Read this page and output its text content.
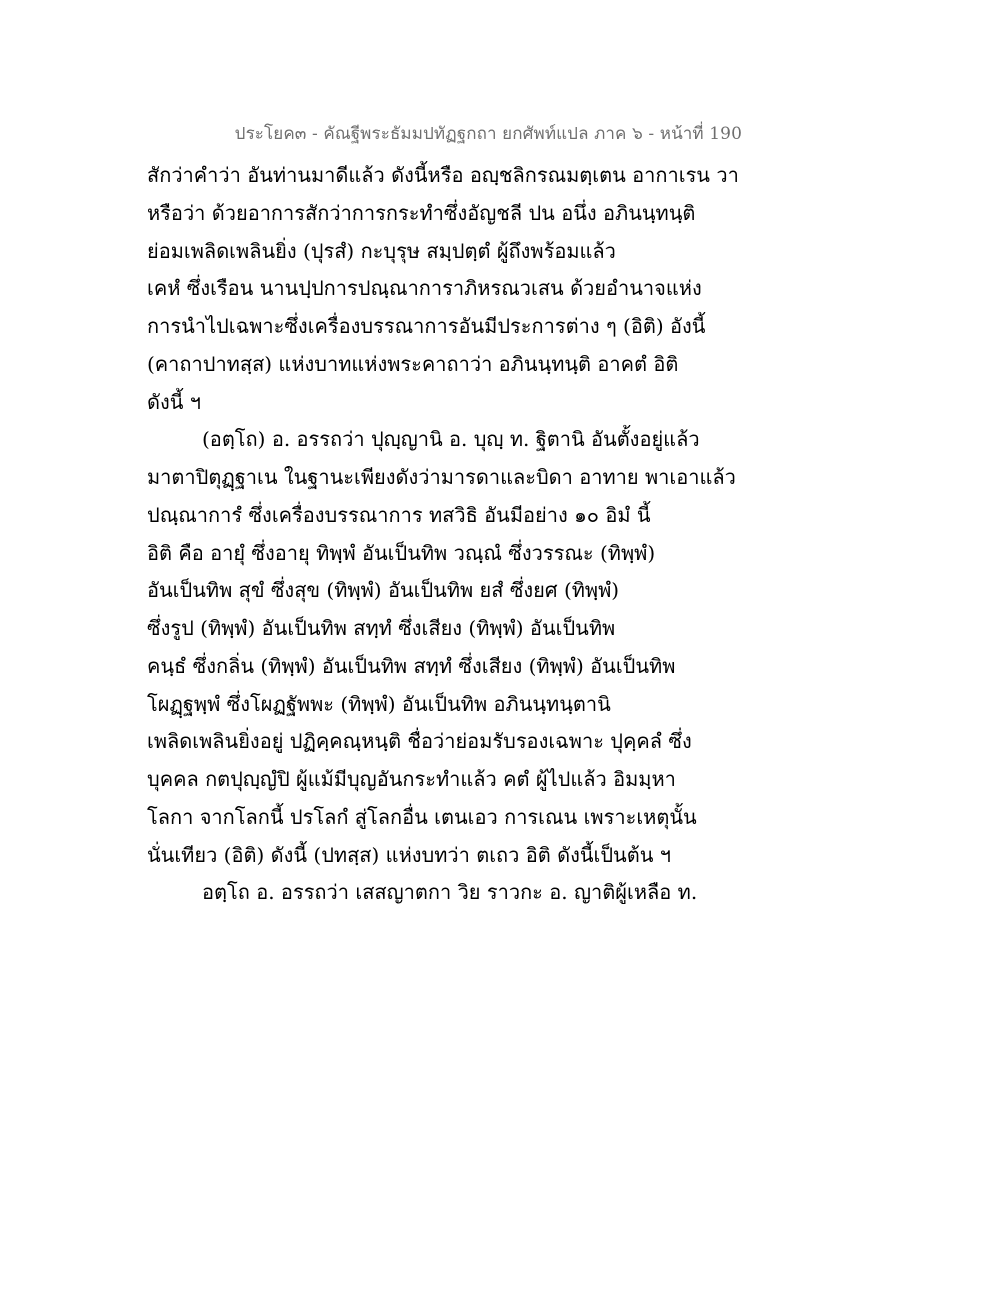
ประโยค๓ - คัณฐีพระธัมมปทัฏฐกถา ยกศัพท์แปล ภาค ๖ - หน้าที่ 190
สักว่าคำว่า อันท่านมาดีแล้ว ดังนี้หรือ อญฺชลิกรณมตฺเตน อากาเรน วา
หรือว่า ด้วยอาการสักว่าการกระทำซึ่งอัญชลี ปน อนึ่ง อภินนฺทนฺติ
ย่อมเพลิดเพลินยิ่ง (ปุรสํ) กะบุรุษ สมฺปตฺตํ ผู้ถึงพร้อมแล้ว
เคหํ ซึ่งเรือน นานปฺปการปณฺณาการาภิหรณวเสน ด้วยอำนาจแห่ง
การนำไปเฉพาะซึ่งเครื่องบรรณาการอันมีประการต่าง ๆ (อิติ) อังนี้
(คาถาปาทสฺส) แห่งบาทแห่งพระคาถาว่า อภินนฺทนฺติ อาคตํ อิติ
ดังนี้ ฯ
(อตฺโถ) อ. อรรถว่า ปุญฺญานิ อ. บุญฺ ท. ฐิตานิ อันตั้งอยู่แล้ว
มาตาปิตุฏฺฐาเน ในฐานะเพียงดังว่ามารดาและบิดา อาทาย พาเอาแล้ว
ปณฺณาการํ ซึ่งเครื่องบรรณาการ ทสวิธิ อันมีอย่าง ๑๐ อิมํ นี้
อิติ คือ อายุํ ซึ่งอายุ ทิพฺพํ อันเป็นทิพ วณฺณํ ซึ่งวรรณะ (ทิพฺพํ)
อันเป็นทิพ สุขํ ซึ่งสุข (ทิพฺพํ) อันเป็นทิพ ยสํ ซึ่งยศ (ทิพฺพํ)
ซึ่งรูป (ทิพฺพํ) อันเป็นทิพ สทฺทํ ซึ่งเสียง (ทิพฺพํ) อันเป็นทิพ
คนฺธํ ซึ่งกลิ่น (ทิพฺพํ) อันเป็นทิพ สทฺทํ ซึ่งเสียง (ทิพฺพํ) อันเป็นทิพ
โผฏฺฐพฺพํ ซึ่งโผฏฐัพพะ (ทิพฺพํ) อันเป็นทิพ อภินนฺทนฺตานิ
เพลิดเพลินยิ่งอยู่ ปฏิคฺคณฺหนฺติ ชื่อว่าย่อมรับรองเฉพาะ ปุคฺคลํ ซึ่ง
บุคคล กตปุญฺญํปิ ผู้แม้มีบุญอันกระทำแล้ว คตํ ผู้ไปแล้ว อิมมฺหา
โลกา จากโลกนี้ ปรโลกํ สู่โลกอื่น เตนเอว การเณน เพราะเหตุนั้น
นั่นเทียว (อิติ) ดังนี้ (ปทสฺส) แห่งบทว่า ตเถว อิติ ดังนี้เป็นต้น ฯ
อตฺโถ อ. อรรถว่า เสสญาตกา วิย ราวกะ อ. ญาติผู้เหลือ ท.
